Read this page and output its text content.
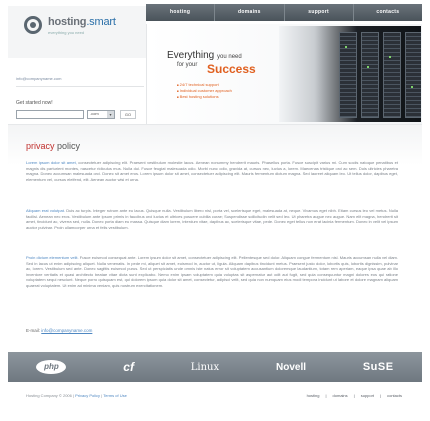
hosting.smart
everything you need
hosting	domains	support	contacts
Everything you need
for your Success
■ 24/7 technical support
■ Individual customer approach
■ Best hosting solutions
info@companyname.com
Get started now!
.com	▾	GO
privacy policy
Lorem ipsum dolor sit amet, consectetuer adipiscing elit. Praesent vestibulum molestie lacus. Aenean nonummy hendrerit mauris. Phasellus porta. Fusce suscipit varius mi. Cum sociis natoque penatibus et magnis dis parturient montes, nascetur ridiculus mus. Nulla dui. Fusce feugiat malesuada odio. Morbi nunc odio, gravida at, cursus nec, luctus a, lorem. Maecenas tristique orci ac sem. Duis ultricies pharetra magna. Donec accumsan malesuada orci. Donec sit amet eros. Lorem ipsum dolor sit amet, consectetuer adipiscing elit. Mauris fermentum dictum magna. Sed laoreet aliquam leo. Ut tellus dolor, dapibus eget, elementum vel, cursus eleifend, elit. Aenean auctor wisi et urna.
Aliquam erat volutpat. Duis ac turpis. Integer rutrum ante eu lacus. Quisque nulla. Vestibulum libero nisl, porta vel, scelerisque eget, malesuada at, neque. Vivamus eget nibh. Etiam cursus leo vel metus. Nulla facilisi. Aenean nec eros. Vestibulum ante ipsum primis in faucibus orci luctus et ultrices posuere cubilia curae; Suspendisse sollicitudin velit sed leo. Ut pharetra augue nec augue. Nam elit magna, hendrerit sit amet, tincidunt ac, viverra sed, nulla. Donec porta diam eu massa. Quisque diam lorem, interdum vitae, dapibus ac, scelerisque vitae, pede. Donec eget tellus non erat lacinia fermentum. Donec in velit vel ipsum auctor pulvinar. Proin ullamcorper urna et felis vestibulum.
Proin dictum elementum velit. Fusce euismod consequat ante. Lorem ipsum dolor sit amet, consectetuer adipiscing elit. Pellentesque sed dolor. Aliquam congue fermentum nisl. Mauris accumsan nulla vel diam. Sed in lacus ut enim adipiscing aliquet. Nulla venenatis. In pede mi, aliquet sit amet, euismod in, auctor ut, ligula. Aliquam dapibus tincidunt metus. Praesent justo dolor, lobortis quis, lobortis dignissim, pulvinar ac, lorem. Vestibulum sed ante. Donec sagittis euismod purus. Sed ut perspiciatis unde omnis iste natus error sit voluptatem accusantium doloremque laudantium, totam rem aperiam, eaque ipsa quae ab illo inventore veritatis et quasi architecto beatae vitae dicta sunt explicabo. Nemo enim ipsam voluptatem quia voluptas sit aspernatur aut odit aut fugit, sed quia consequuntur magni dolores eos qui ratione voluptatem sequi nesciunt. Neque porro quisquam est, qui dolorem ipsum quia dolor sit amet, consectetur, adipisci velit, sed quia non numquam eius modi tempora incidunt ut labore et dolore magnam aliquam quaerat voluptatem. Ut enim ad minima veniam, quis nostrum exercitationem.
E-mail: info@companyname.com
php	cf	Linux	Novell	SuSE
Hosting Company © 2006 | Privacy Policy | Terms of Use	hosting | domains | support | contacts
